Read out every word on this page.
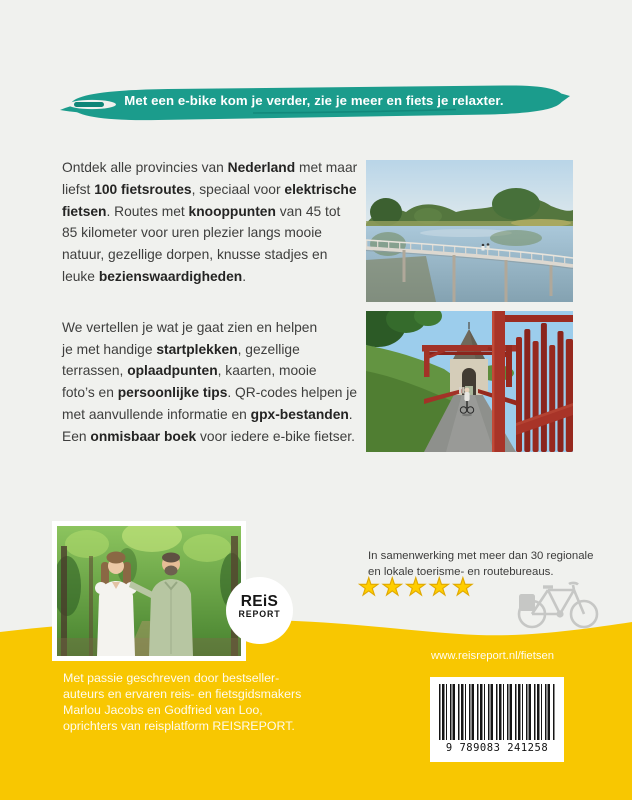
Met een e-bike kom je verder, zie je meer en fiets je relaxter.
Ontdek alle provincies van Nederland met maar
liefst 100 fietsroutes, speciaal voor elektrische
fietsen. Routes met knooppunten van 45 tot
85 kilometer voor uren plezier langs mooie
natuur, gezellige dorpen, knusse stadjes en
leuke bezienswaardigheden.
We vertellen je wat je gaat zien en helpen
je met handige startplekken, gezellige
terrassen, oplaadpunten, kaarten, mooie
foto’s en persoonlijke tips. QR-codes helpen je
met aanvullende informatie en gpx-bestanden.
Een onmisbaar boek voor iedere e-bike fietser.
REiS
REPORT
In samenwerking met meer dan 30 regionale
en lokale toerisme- en routebureaus.
★★★★★
Met passie geschreven door bestseller-
auteurs en ervaren reis- en fietsgidsmakers
Marlou Jacobs en Godfried van Loo,
oprichters van reisplatform REISREPORT.
www.reisreport.nl/fietsen
9 789083 241258
